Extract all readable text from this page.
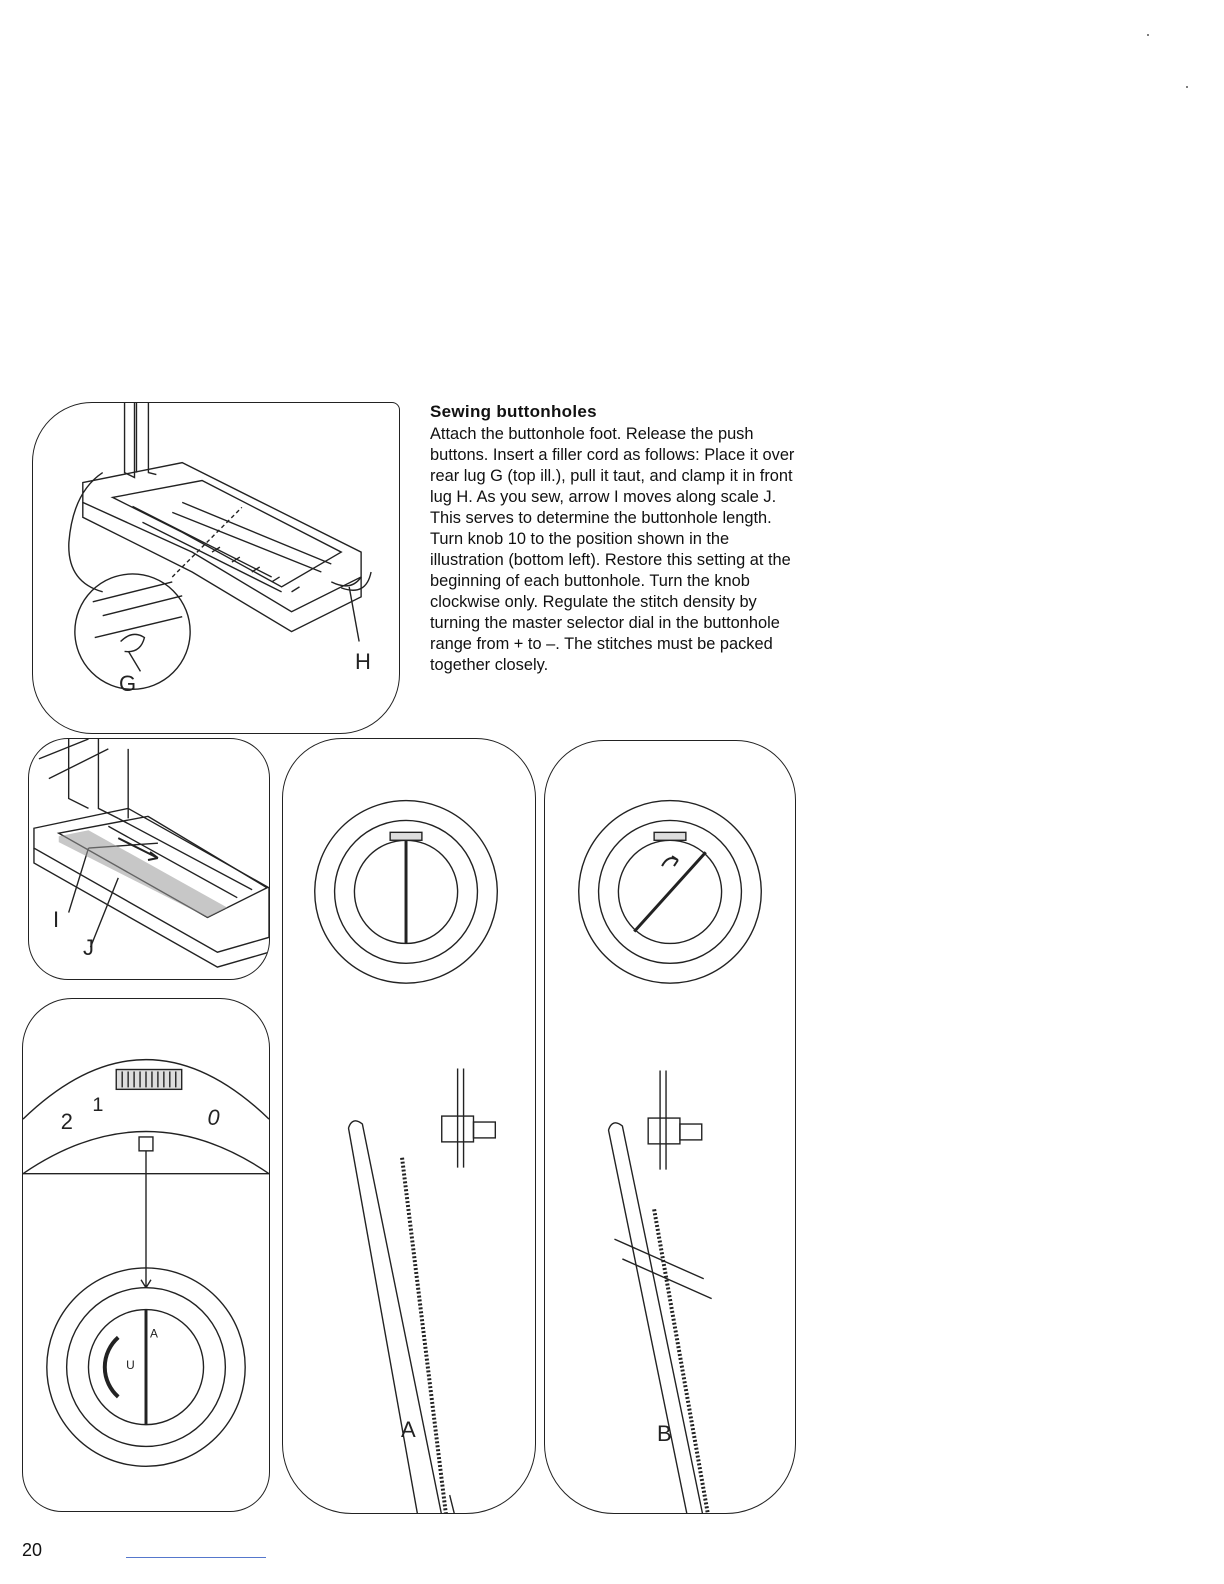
G
H
Sewing buttonholes

Attach the buttonhole foot. Release the push buttons. Insert a filler cord as follows: Place it over rear lug G (top ill.), pull it taut, and clamp it in front lug H. As you sew, arrow I moves along scale J. This serves to determine the buttonhole length. Turn knob 10 to the position shown in the illustration (bottom left). Restore this setting at the beginning of each buttonhole. Turn the knob clockwise only. Regulate the stitch density by turning the master selector dial in the buttonhole range from + to –. The stitches must be packed together closely.

I
J
2
1	0
A
U
A	B
20
